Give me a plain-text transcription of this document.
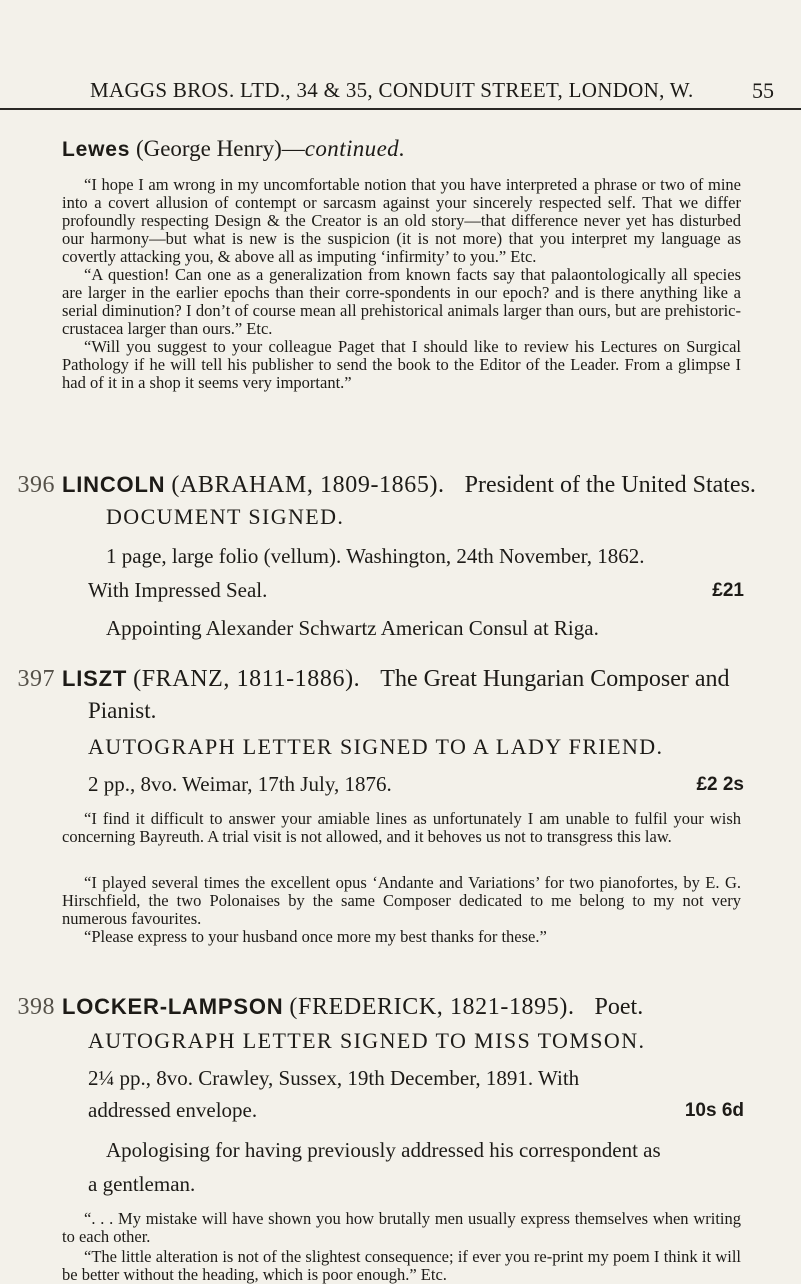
MAGGS BROS. LTD., 34 & 35, CONDUIT STREET, LONDON, W.	55
Lewes (George Henry)—continued.

“I hope I am wrong in my uncomfortable notion that you have interpreted a phrase or two of mine into a covert allusion of contempt or sarcasm against your sincerely respected self. That we differ profoundly respecting Design & the Creator is an old story—that difference never yet has disturbed our harmony—but what is new is the suspicion (it is not more) that you interpret my language as covertly attacking you, & above all as imputing ‘infirmity’ to you.” Etc.

“A question! Can one as a generalization from known facts say that palaontologically all species are larger in the earlier epochs than their corre-spondents in our epoch? and is there anything like a serial diminution? I don’t of course mean all prehistorical animals larger than ours, but are prehistoric-crustacea larger than ours.” Etc.

“Will you suggest to your colleague Paget that I should like to review his Lectures on Surgical Pathology if he will tell his publisher to send the book to the Editor of the Leader. From a glimpse I had of it in a shop it seems very important.”

396 LINCOLN (ABRAHAM, 1809-1865). President of the United States.
DOCUMENT SIGNED.
1 page, large folio (vellum). Washington, 24th November, 1862.
With Impressed Seal.	£21
Appointing Alexander Schwartz American Consul at Riga.
397 LISZT (FRANZ, 1811-1886). The Great Hungarian Composer and
Pianist.
AUTOGRAPH LETTER SIGNED TO A LADY FRIEND.
2 pp., 8vo. Weimar, 17th July, 1876.	£2 2s

“I find it difficult to answer your amiable lines as unfortunately I am unable to fulfil your wish concerning Bayreuth. A trial visit is not allowed, and it behoves us not to transgress this law.

“I played several times the excellent opus ‘Andante and Variations’ for two pianofortes, by E. G. Hirschfield, the two Polonaises by the same Composer dedicated to me belong to my not very numerous favourites.

“Please express to your husband once more my best thanks for these.”

398 LOCKER-LAMPSON (FREDERICK, 1821-1895). Poet.
AUTOGRAPH LETTER SIGNED TO MISS TOMSON.
2¼ pp., 8vo. Crawley, Sussex, 19th December, 1891. With
addressed envelope.	10s 6d
Apologising for having previously addressed his correspondent as
a gentleman.

“. . . My mistake will have shown you how brutally men usually express themselves when writing to each other.

“The little alteration is not of the slightest consequence; if ever you re-print my poem I think it will be better without the heading, which is poor enough.” Etc.
